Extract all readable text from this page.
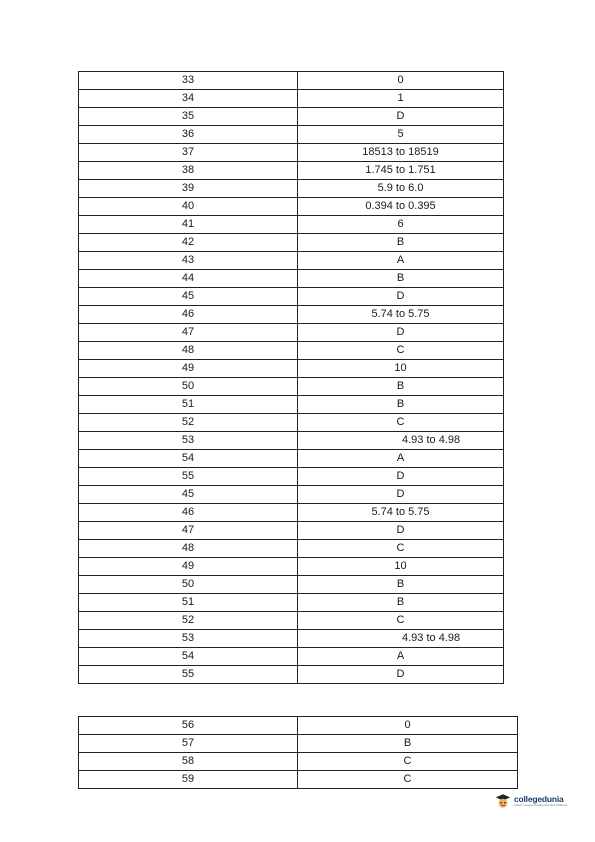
33	0
34	1
35	D
36	5
37	18513 to 18519
38	1.745 to 1.751
39	5.9 to 6.0
40	0.394 to 0.395
41	6
42	B
43	A
44	B
45	D
46	5.74 to 5.75
47	D
48	C
49	10
50	B
51	B
52	C
53	4.93 to 4.98
54	A
55	D
45	D
46	5.74 to 5.75
47	D
48	C
49	10
50	B
51	B
52	C
53	4.93 to 4.98
54	A
55	D
56	0
57	B
58	C
59	C
collegedunia
India's Largest Student Review Platform
